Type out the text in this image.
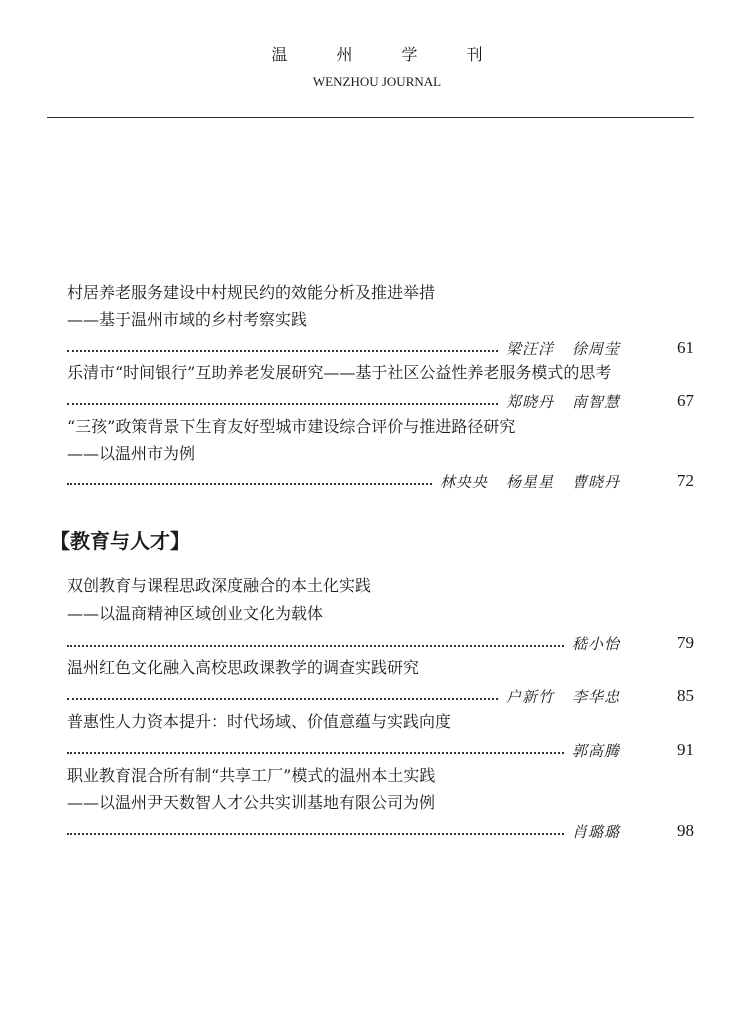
温 州 学 刊
WENZHOU JOURNAL
村居养老服务建设中村规民约的效能分析及推进举措
——基于温州市域的乡村考察实践
梁汪洋 徐周莹	61
乐清市“时间银行”互助养老发展研究——基于社区公益性养老服务模式的思考
郑晓丹 南智慧	67
“三孩”政策背景下生育友好型城市建设综合评价与推进路径研究
——以温州市为例
林央央 杨星星 曹晓丹	72
【教育与人才】
双创教育与课程思政深度融合的本土化实践
——以温商精神区域创业文化为载体
嵇小怡	79
温州红色文化融入高校思政课教学的调查实践研究
户新竹 李华忠	85
普惠性人力资本提升：时代场域、价值意蕴与实践向度
郭高腾	91
职业教育混合所有制“共享工厂”模式的温州本土实践
——以温州尹天数智人才公共实训基地有限公司为例
肖璐璐	98
